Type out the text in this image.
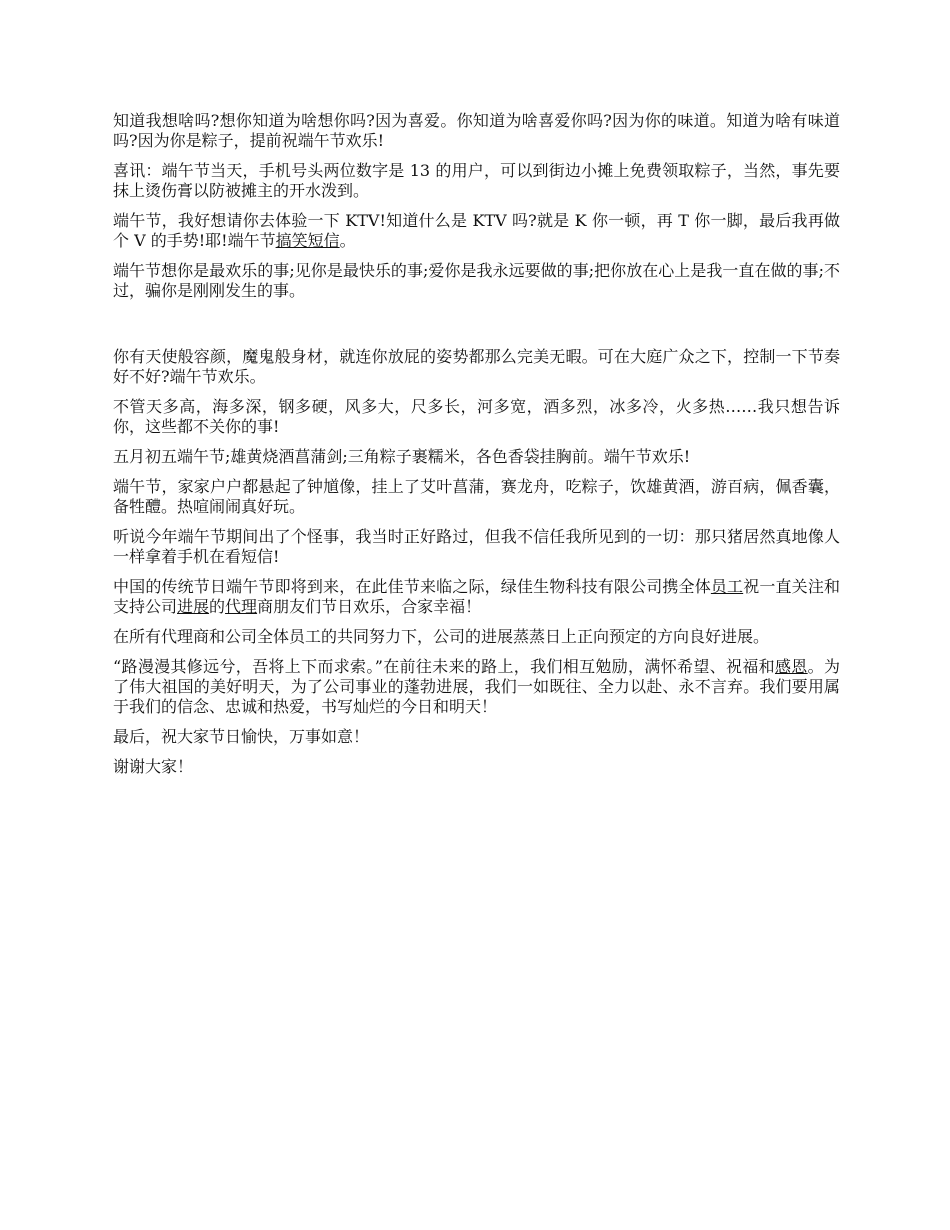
知道我想啥吗?想你知道为啥想你吗?因为喜爱。你知道为啥喜爱你吗?因为你的味道。知道为啥有味道吗?因为你是粽子，提前祝端午节欢乐!

喜讯：端午节当天，手机号头两位数字是 13 的用户，可以到街边小摊上免费领取粽子，当然，事先要抹上烫伤膏以防被摊主的开水泼到。

端午节，我好想请你去体验一下 KTV!知道什么是 KTV 吗?就是 K 你一顿，再 T 你一脚，最后我再做个 V 的手势!耶!端午节搞笑短信。

端午节想你是最欢乐的事;见你是最快乐的事;爱你是我永远要做的事;把你放在心上是我一直在做的事;不过，骗你是刚刚发生的事。

你有天使般容颜，魔鬼般身材，就连你放屁的姿势都那么完美无暇。可在大庭广众之下，控制一下节奏好不好?端午节欢乐。

不管天多高，海多深，钢多硬，风多大，尺多长，河多宽，酒多烈，冰多冷，火多热……我只想告诉你，这些都不关你的事!

五月初五端午节;雄黄烧酒菖蒲剑;三角粽子裹糯米，各色香袋挂胸前。端午节欢乐!

端午节，家家户户都悬起了钟馗像，挂上了艾叶菖蒲，赛龙舟，吃粽子，饮雄黄酒，游百病，佩香囊，备牲醴。热喧闹闹真好玩。

听说今年端午节期间出了个怪事，我当时正好路过，但我不信任我所见到的一切：那只猪居然真地像人一样拿着手机在看短信!

中国的传统节日端午节即将到来，在此佳节来临之际，绿佳生物科技有限公司携全体员工祝一直关注和支持公司进展的代理商朋友们节日欢乐，合家幸福！

在所有代理商和公司全体员工的共同努力下，公司的进展蒸蒸日上正向预定的方向良好进展。

“路漫漫其修远兮，吾将上下而求索。”在前往未来的路上，我们相互勉励，满怀希望、祝福和感恩。为了伟大祖国的美好明天，为了公司事业的蓬勃进展，我们一如既往、全力以赴、永不言弃。我们要用属于我们的信念、忠诚和热爱，书写灿烂的今日和明天！

最后，祝大家节日愉快，万事如意！

谢谢大家！
